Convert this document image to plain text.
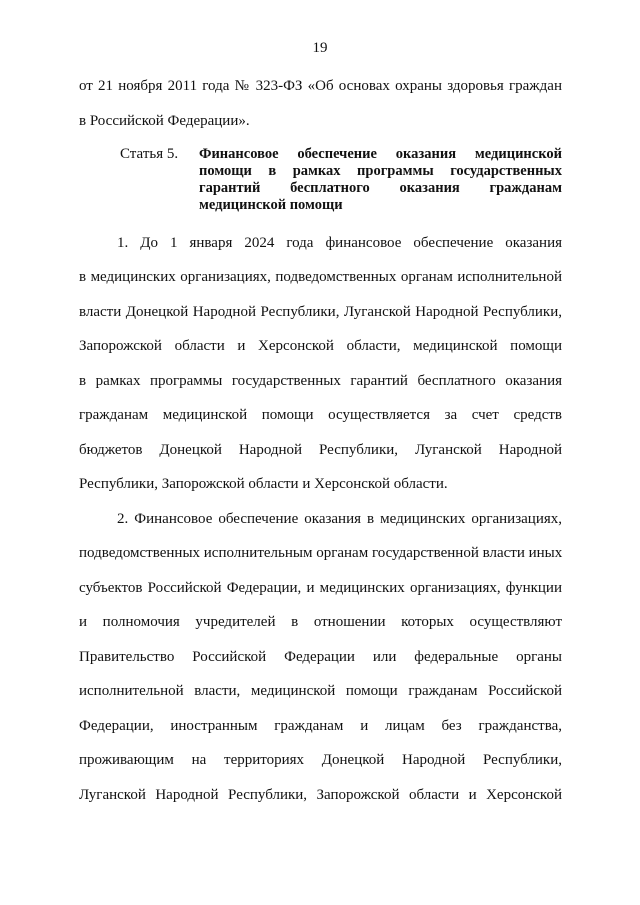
19
от 21 ноября 2011 года № 323-ФЗ «Об основах охраны здоровья граждан
в Российской Федерации».
Статья 5. Финансовое обеспечение оказания медицинской
помощи в рамках программы государственных
гарантий бесплатного оказания гражданам
медицинской помощи
1. До 1 января 2024 года финансовое обеспечение оказания
в медицинских организациях, подведомственных органам исполнительной
власти Донецкой Народной Республики, Луганской Народной Республики,
Запорожской области и Херсонской области, медицинской помощи
в рамках программы государственных гарантий бесплатного оказания
гражданам медицинской помощи осуществляется за счет средств
бюджетов Донецкой Народной Республики, Луганской Народной
Республики, Запорожской области и Херсонской области.
2. Финансовое обеспечение оказания в медицинских организациях,
подведомственных исполнительным органам государственной власти иных
субъектов Российской Федерации, и медицинских организациях, функции
и полномочия учредителей в отношении которых осуществляют
Правительство Российской Федерации или федеральные органы
исполнительной власти, медицинской помощи гражданам Российской
Федерации, иностранным гражданам и лицам без гражданства,
проживающим на территориях Донецкой Народной Республики,
Луганской Народной Республики, Запорожской области и Херсонской
